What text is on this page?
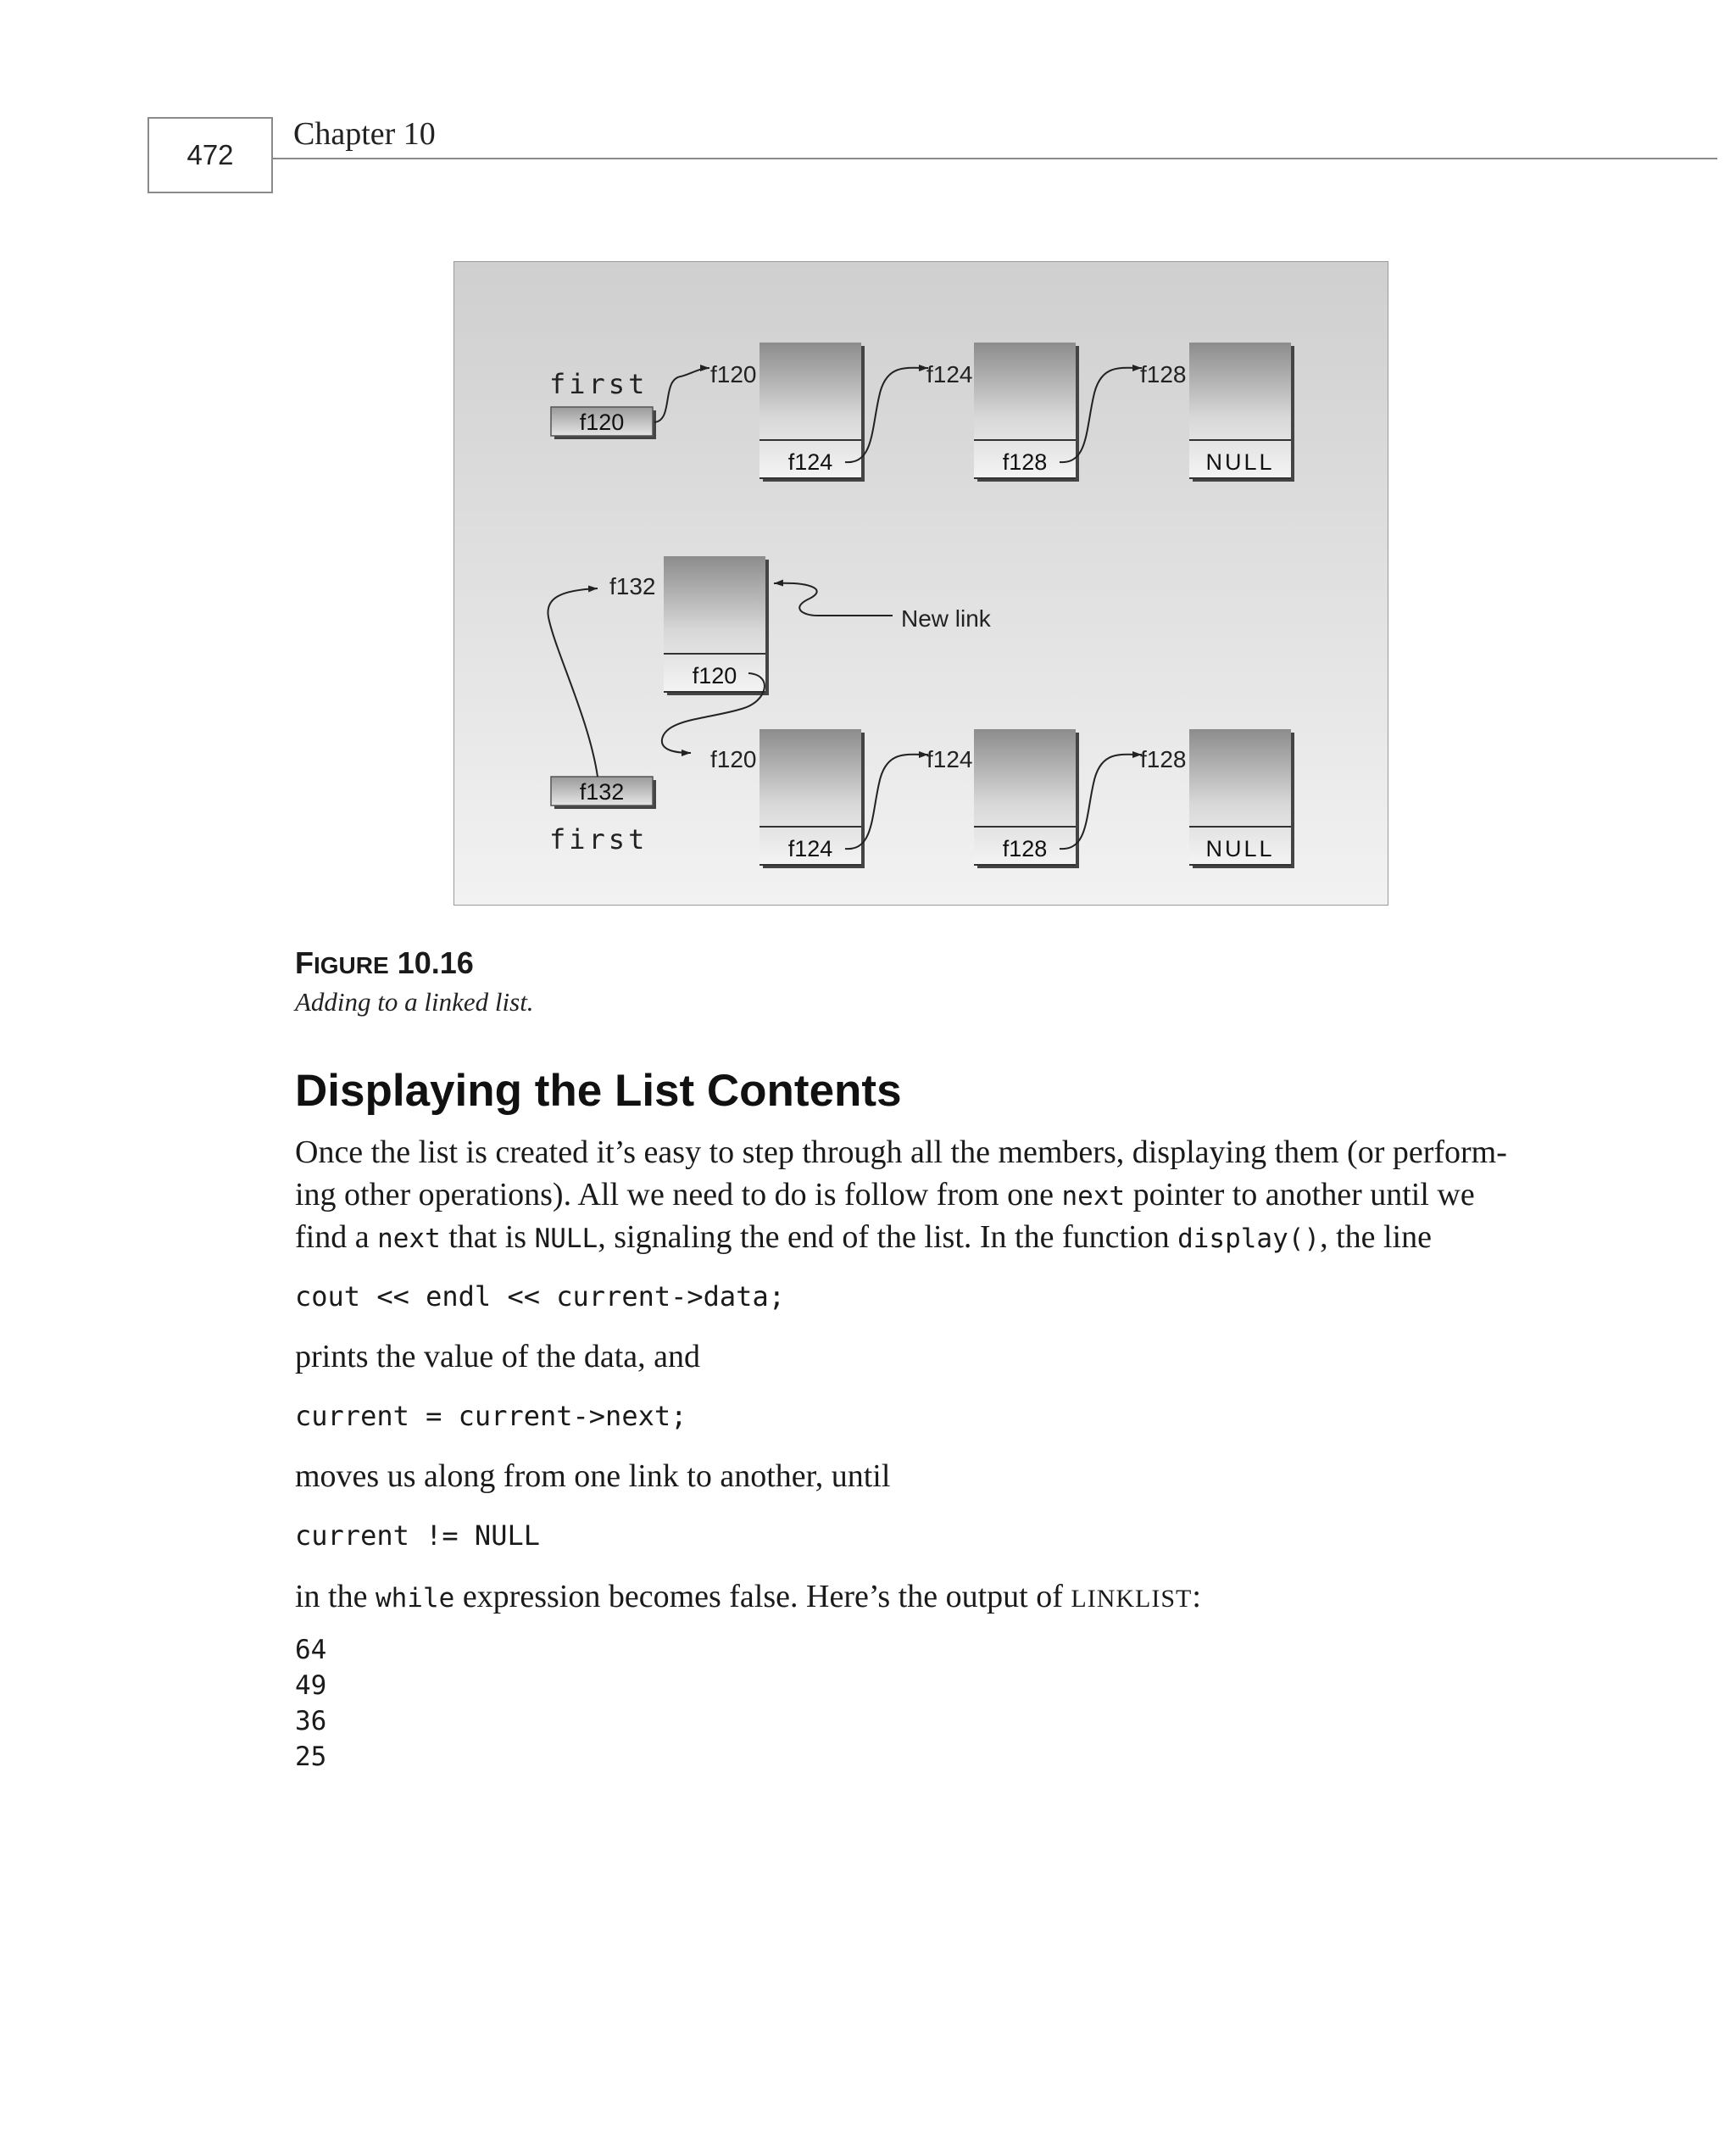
472
Chapter 10
first
f120
f120
f124
f124
f128
f128
NULL
f132
f120
New link
f132
first
f120
f124
f124
f128
f128
NULL
FIGURE 10.16
Adding to a linked list.
Displaying the List Contents
Once the list is created it’s easy to step through all the members, displaying them (or perform-
ing other operations). All we need to do is follow from one next pointer to another until we
find a next that is NULL, signaling the end of the list. In the function display(), the line
cout << endl << current->data;
prints the value of the data, and
current = current->next;
moves us along from one link to another, until
current != NULL
in the while expression becomes false. Here’s the output of LINKLIST:
64
49
36
25
